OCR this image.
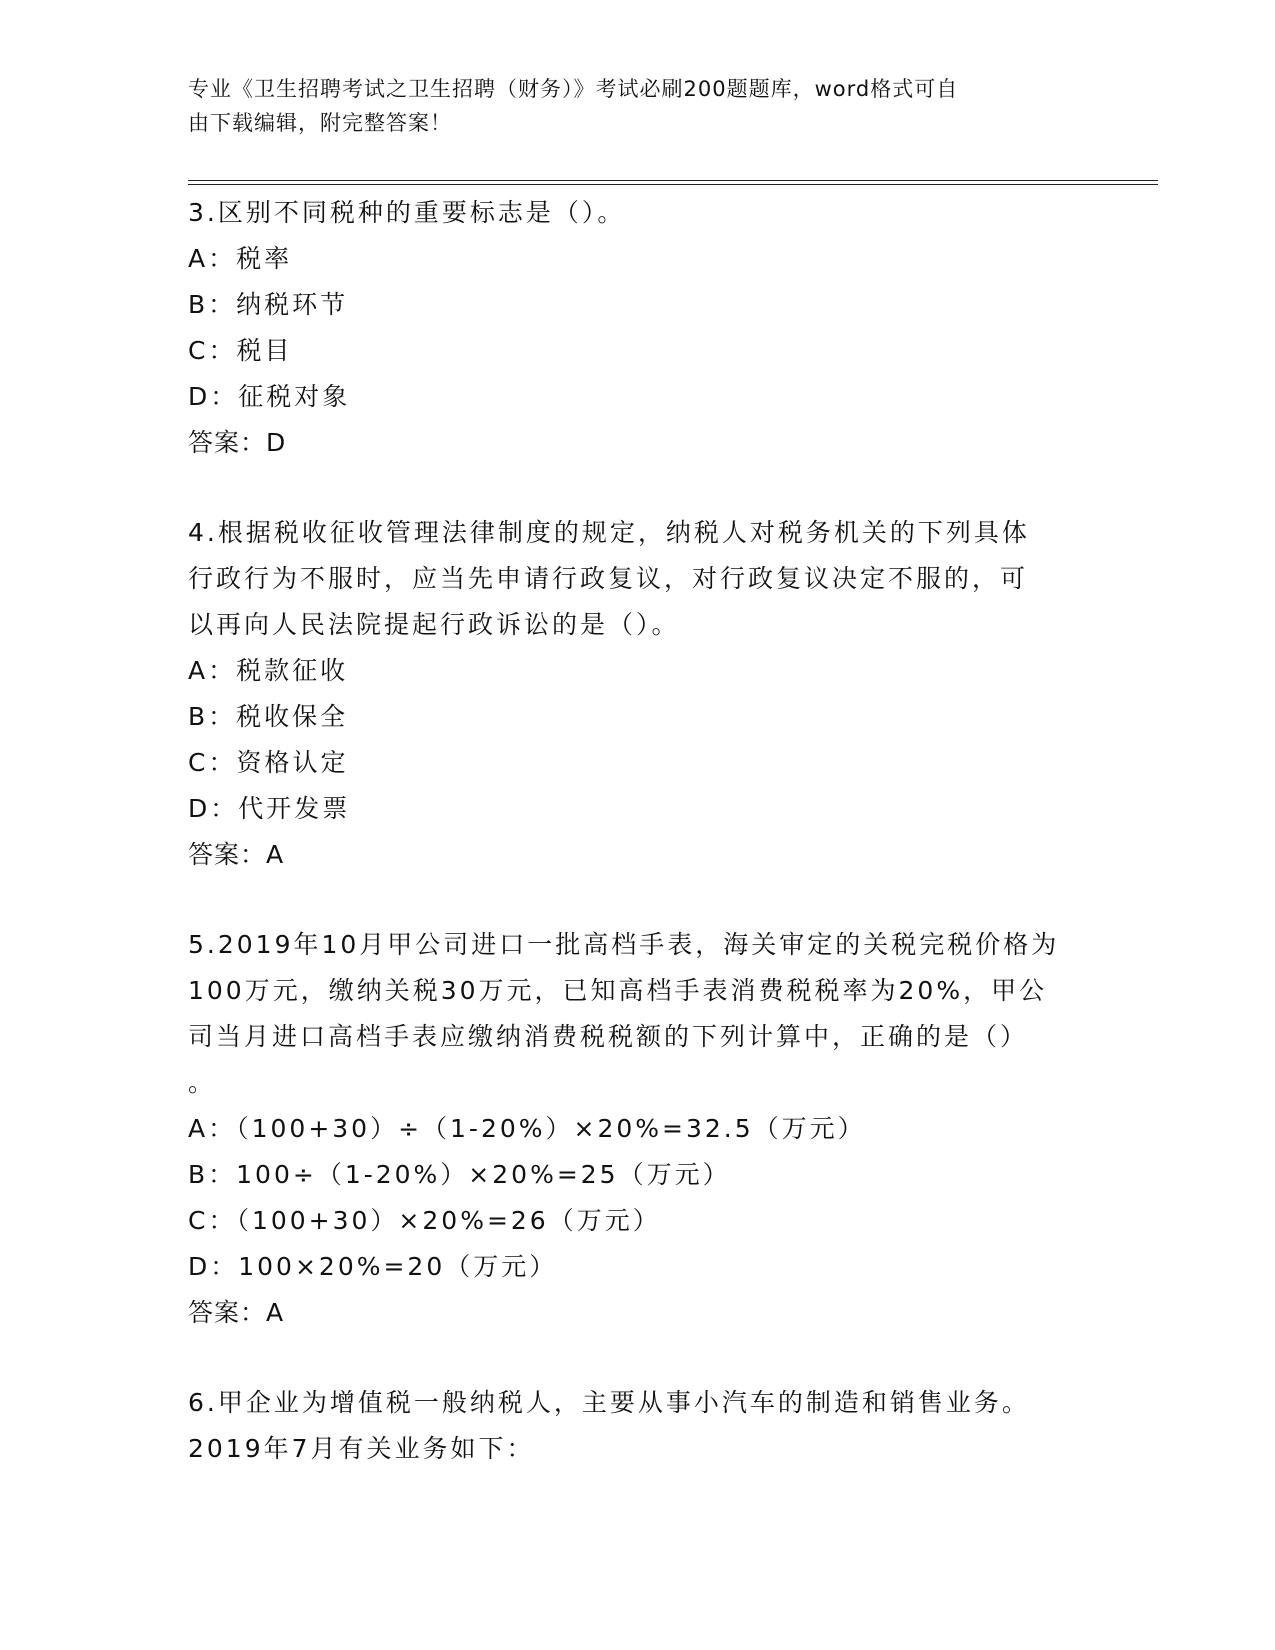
专业《卫生招聘考试之卫生招聘（财务）》考试必刷200题题库，word格式可自
由下载编辑，附完整答案！
3.区别不同税种的重要标志是（）。
A：税率
B：纳税环节
C：税目
D：征税对象
答案：D
4.根据税收征收管理法律制度的规定，纳税人对税务机关的下列具体
行政行为不服时，应当先申请行政复议，对行政复议决定不服的，可
以再向人民法院提起行政诉讼的是（）。
A：税款征收
B：税收保全
C：资格认定
D：代开发票
答案：A
5.2019年10月甲公司进口一批高档手表，海关审定的关税完税价格为
100万元，缴纳关税30万元，已知高档手表消费税税率为20%，甲公
司当月进口高档手表应缴纳消费税税额的下列计算中，正确的是（）
。
A：（100+30）÷（1-20%）×20%=32.5（万元）
B：100÷（1-20%）×20%=25（万元）
C：（100+30）×20%=26（万元）
D：100×20%=20（万元）
答案：A
6.甲企业为增值税一般纳税人，主要从事小汽车的制造和销售业务。
2019年7月有关业务如下：
